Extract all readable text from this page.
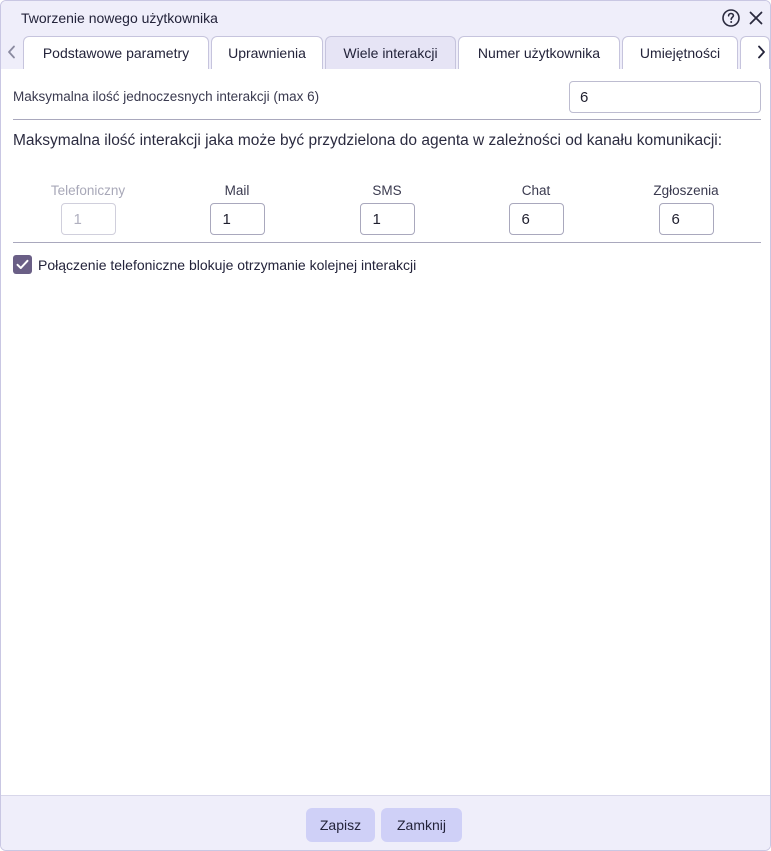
Tworzenie nowego użytkownika
Podstawowe parametry	Uprawnienia	Wiele interakcji	Numer użytkownika	Umiejętności
Maksymalna ilość jednoczesnych interakcji (max 6)	6
Maksymalna ilość interakcji jaka może być przydzielona do agenta w zależności od kanału komunikacji:
Telefoniczny
1
Mail
1
SMS
1
Chat
6
Zgłoszenia
6
Połączenie telefoniczne blokuje otrzymanie kolejnej interakcji
Zapisz	Zamknij
